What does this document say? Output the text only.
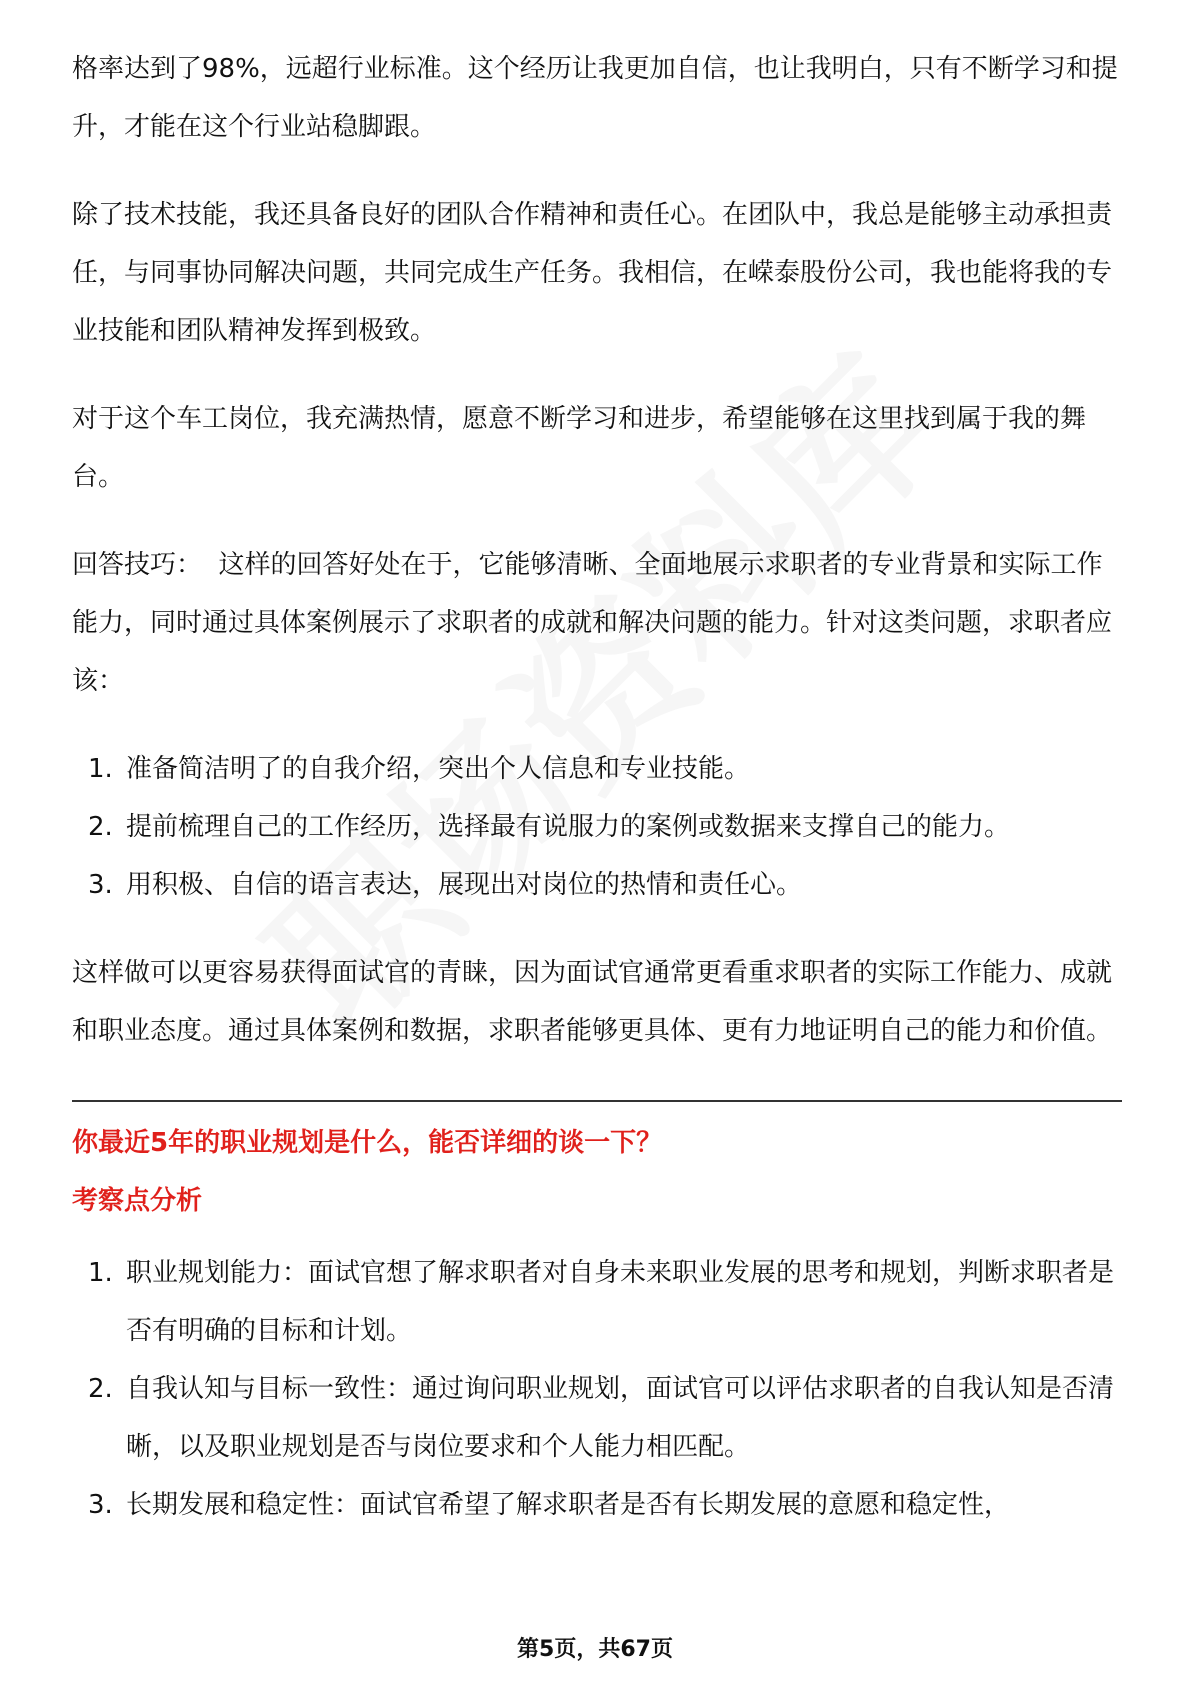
格率达到了98%，远超行业标准。这个经历让我更加自信，也让我明白，只有不断学习和提升，才能在这个行业站稳脚跟。

除了技术技能，我还具备良好的团队合作精神和责任心。在团队中，我总是能够主动承担责任，与同事协同解决问题，共同完成生产任务。我相信，在嵘泰股份公司，我也能将我的专业技能和团队精神发挥到极致。

对于这个车工岗位，我充满热情，愿意不断学习和进步，希望能够在这里找到属于我的舞台。

回答技巧：  这样的回答好处在于，它能够清晰、全面地展示求职者的专业背景和实际工作能力，同时通过具体案例展示了求职者的成就和解决问题的能力。针对这类问题，求职者应该：

1. 准备简洁明了的自我介绍，突出个人信息和专业技能。
2. 提前梳理自己的工作经历，选择最有说服力的案例或数据来支撑自己的能力。
3. 用积极、自信的语言表达，展现出对岗位的热情和责任心。

这样做可以更容易获得面试官的青睐，因为面试官通常更看重求职者的实际工作能力、成就和职业态度。通过具体案例和数据，求职者能够更具体、更有力地证明自己的能力和价值。

你最近5年的职业规划是什么，能否详细的谈一下？

考察点分析

1. 职业规划能力：面试官想了解求职者对自身未来职业发展的思考和规划，判断求职者是否有明确的目标和计划。
2. 自我认知与目标一致性：通过询问职业规划，面试官可以评估求职者的自我认知是否清晰，以及职业规划是否与岗位要求和个人能力相匹配。
3. 长期发展和稳定性：面试官希望了解求职者是否有长期发展的意愿和稳定性，
第5页，共67页
